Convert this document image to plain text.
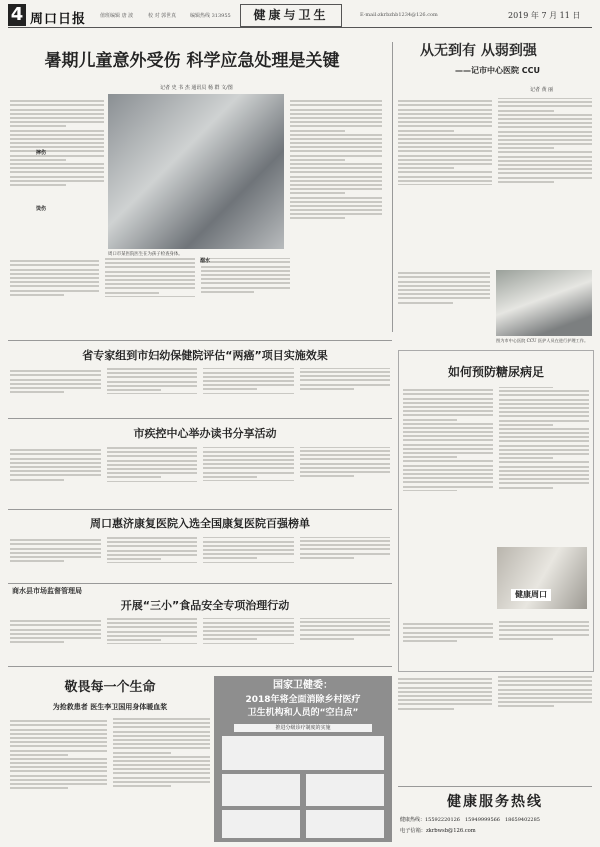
4 周口日报	值班编辑 唐 波	校 对 郭世真	编辑热线 313955	健康与卫生	E-mail:zkrbzhb1234@126.com	2019 年 7 月 11 日
暑期儿童意外受伤 科学应急处理是关键
记者 史 书 杰 通讯员 杨 群 文/图
摔伤
烫伤
周口市某医院医生在为孩子检查身体。
溺水
从无到有 从弱到强
——记市中心医院 CCU
记者 黄 丽
图为市中心医院 CCU 医护人员在进行护理工作。
省专家组到市妇幼保健院评估“两癌”项目实施效果
市疾控中心举办读书分享活动
周口惠济康复医院入选全国康复医院百强榜单
商水县市场监督管理局
开展“三小”食品安全专项治理行动
如何预防糖尿病足
健康周口
敬畏每一个生命
为抢救患者 医生李卫国用身体暖血浆
国家卫健委：
2018年将全面消除乡村医疗
卫生机构和人员的“空白点”
推进分级诊疗制度的实施
健康服务热线
健康热线：15592220126　15949999566　18659402285
电子信箱：zkrbwsb@126.com
